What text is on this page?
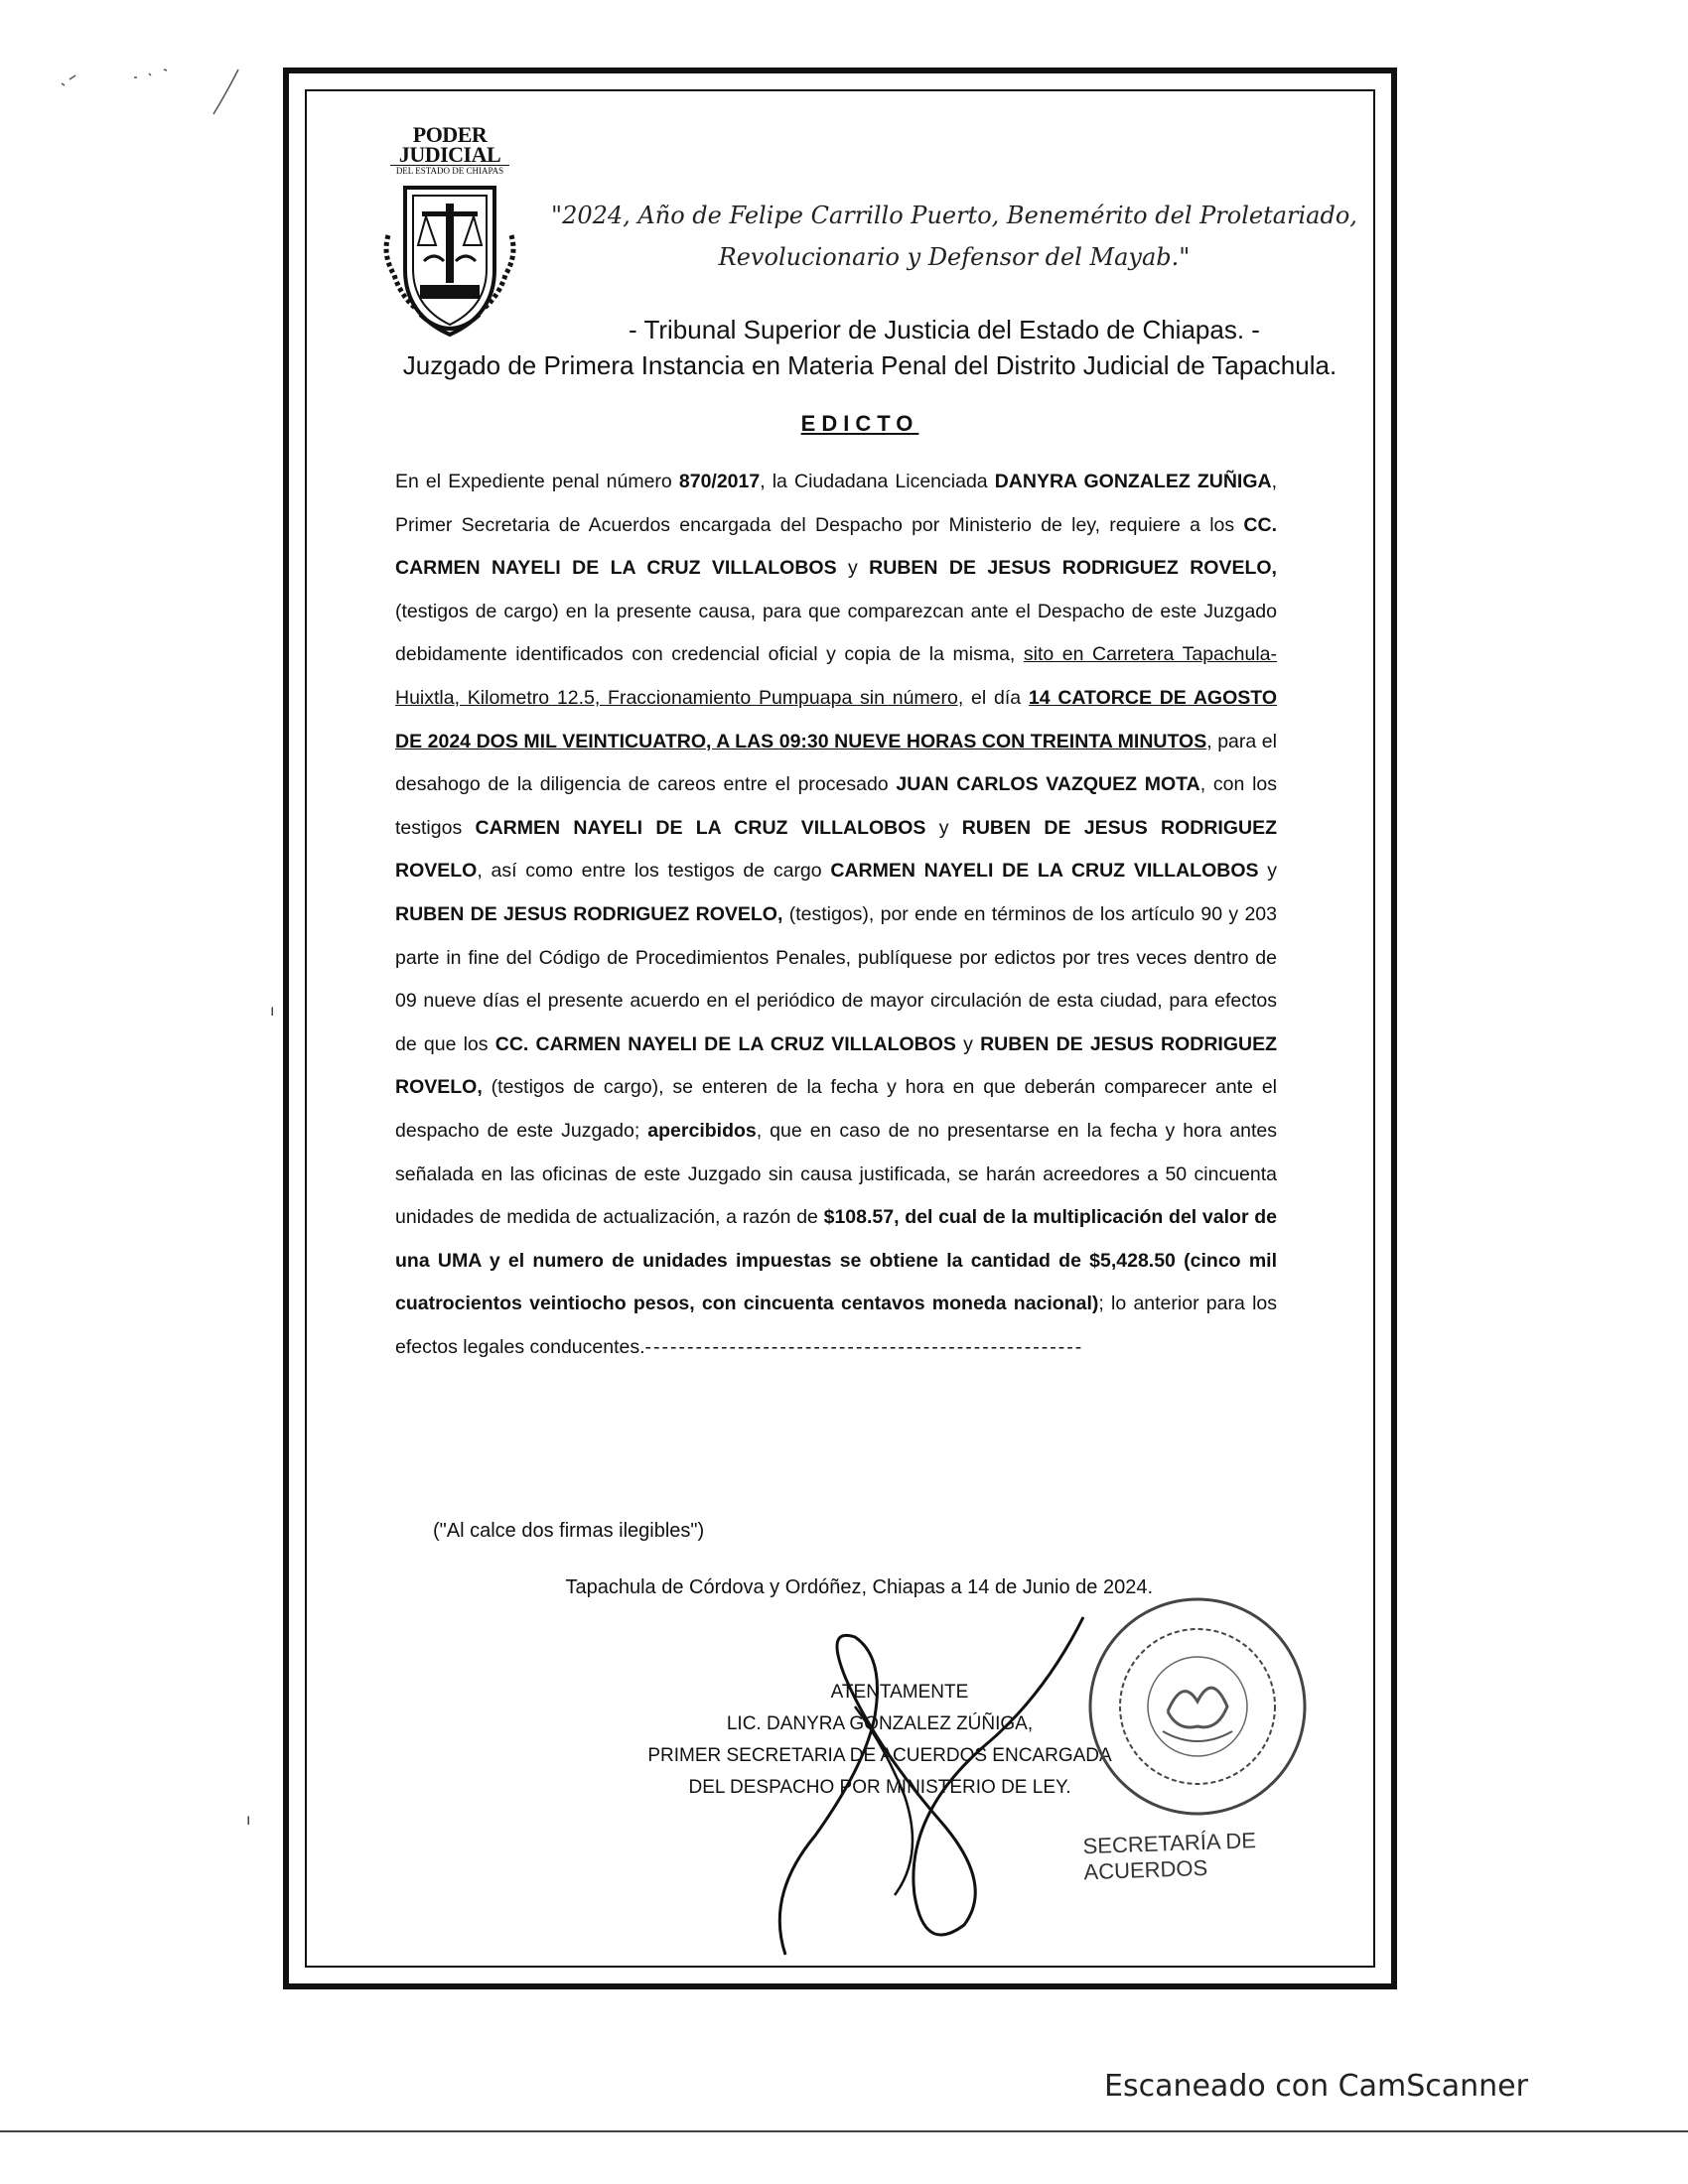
PODER JUDICIAL
DEL ESTADO DE CHIAPAS
"2024, Año de Felipe Carrillo Puerto, Benemérito del Proletariado,
Revolucionario y Defensor del Mayab."
- Tribunal Superior de Justicia del Estado de Chiapas. -
Juzgado de Primera Instancia en Materia Penal del Distrito Judicial de Tapachula.
EDICTO
En el Expediente penal número 870/2017, la Ciudadana Licenciada DANYRA GONZALEZ ZUÑIGA, Primer Secretaria de Acuerdos encargada del Despacho por Ministerio de ley, requiere a los CC. CARMEN NAYELI DE LA CRUZ VILLALOBOS y RUBEN DE JESUS RODRIGUEZ ROVELO, (testigos de cargo) en la presente causa, para que comparezcan ante el Despacho de este Juzgado debidamente identificados con credencial oficial y copia de la misma, sito en Carretera Tapachula-Huixtla, Kilometro 12.5, Fraccionamiento Pumpuapa sin número, el día 14 CATORCE DE AGOSTO DE 2024 DOS MIL VEINTICUATRO, A LAS 09:30 NUEVE HORAS CON TREINTA MINUTOS, para el desahogo de la diligencia de careos entre el procesado JUAN CARLOS VAZQUEZ MOTA, con los testigos CARMEN NAYELI DE LA CRUZ VILLALOBOS y RUBEN DE JESUS RODRIGUEZ ROVELO, así como entre los testigos de cargo CARMEN NAYELI DE LA CRUZ VILLALOBOS y RUBEN DE JESUS RODRIGUEZ ROVELO, (testigos), por ende en términos de los artículo 90 y 203 parte in fine del Código de Procedimientos Penales, publíquese por edictos por tres veces dentro de 09 nueve días el presente acuerdo en el periódico de mayor circulación de esta ciudad, para efectos de que los CC. CARMEN NAYELI DE LA CRUZ VILLALOBOS y RUBEN DE JESUS RODRIGUEZ ROVELO, (testigos de cargo), se enteren de la fecha y hora en que deberán comparecer ante el despacho de este Juzgado; apercibidos, que en caso de no presentarse en la fecha y hora antes señalada en las oficinas de este Juzgado sin causa justificada, se harán acreedores a 50 cincuenta unidades de medida de actualización, a razón de $108.57, del cual de la multiplicación del valor de una UMA y el numero de unidades impuestas se obtiene la cantidad de $5,428.50 (cinco mil cuatrocientos veintiocho pesos, con cincuenta centavos moneda nacional); lo anterior para los efectos legales conducentes.----------------------------------------------------
("Al calce dos firmas ilegibles")
Tapachula de Córdova y Ordóñez, Chiapas a 14 de Junio de 2024.
ATENTAMENTE
LIC. DANYRA GONZALEZ ZÚÑIGA,
PRIMER SECRETARIA DE ACUERDOS ENCARGADA
DEL DESPACHO POR MINISTERIO DE LEY.
SECRETARÍA DE ACUERDOS
ı
ı
Escaneado con CamScanner
